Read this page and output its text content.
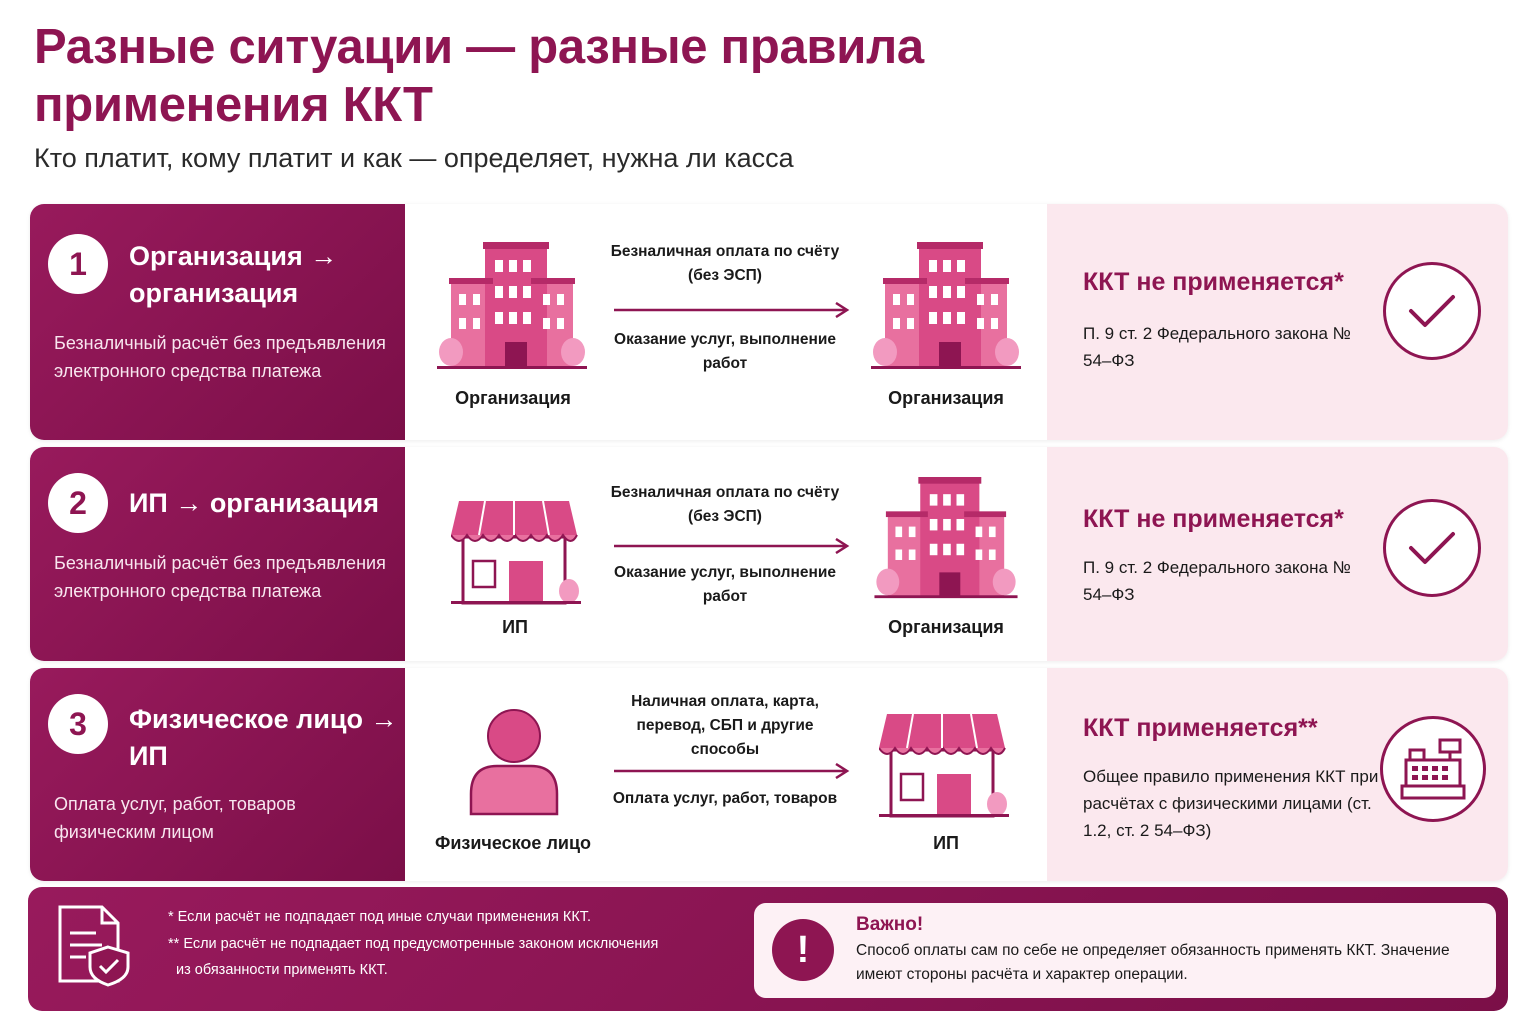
Разные ситуации — разные правила применения ККТ
Кто платит, кому платит и как — определяет, нужна ли касса
1	Организация → организация
Безналичный расчёт без предъявления электронного средства платежа
Организация
Безналичная оплата по счёту (без ЭСП)
Оказание услуг, выполнение работ
Организация
ККТ не применяется*
П. 9 ст. 2 Федерального закона № 54–ФЗ
2	ИП → организация
Безналичный расчёт без предъявления электронного средства платежа
ИП
Безналичная оплата по счёту (без ЭСП)
Оказание услуг, выполнение работ
Организация
ККТ не применяется*
П. 9 ст. 2 Федерального закона № 54–ФЗ
3	Физическое лицо → ИП
Оплата услуг, работ, товаров физическим лицом
Физическое лицо
Наличная оплата, карта, перевод, СБП и другие способы
Оплата услуг, работ, товаров
ИП
ККТ применяется**
Общее правило применения ККТ при расчётах с физическими лицами (ст. 1.2, ст. 2 54–ФЗ)
* Если расчёт не подпадает под иные случаи применения ККТ.
** Если расчёт не подпадает под предусмотренные законом исключения
из обязанности применять ККТ.	!
Важно!
Способ оплаты сам по себе не определяет обязанность применять ККТ. Значение имеют стороны расчёта и характер операции.
